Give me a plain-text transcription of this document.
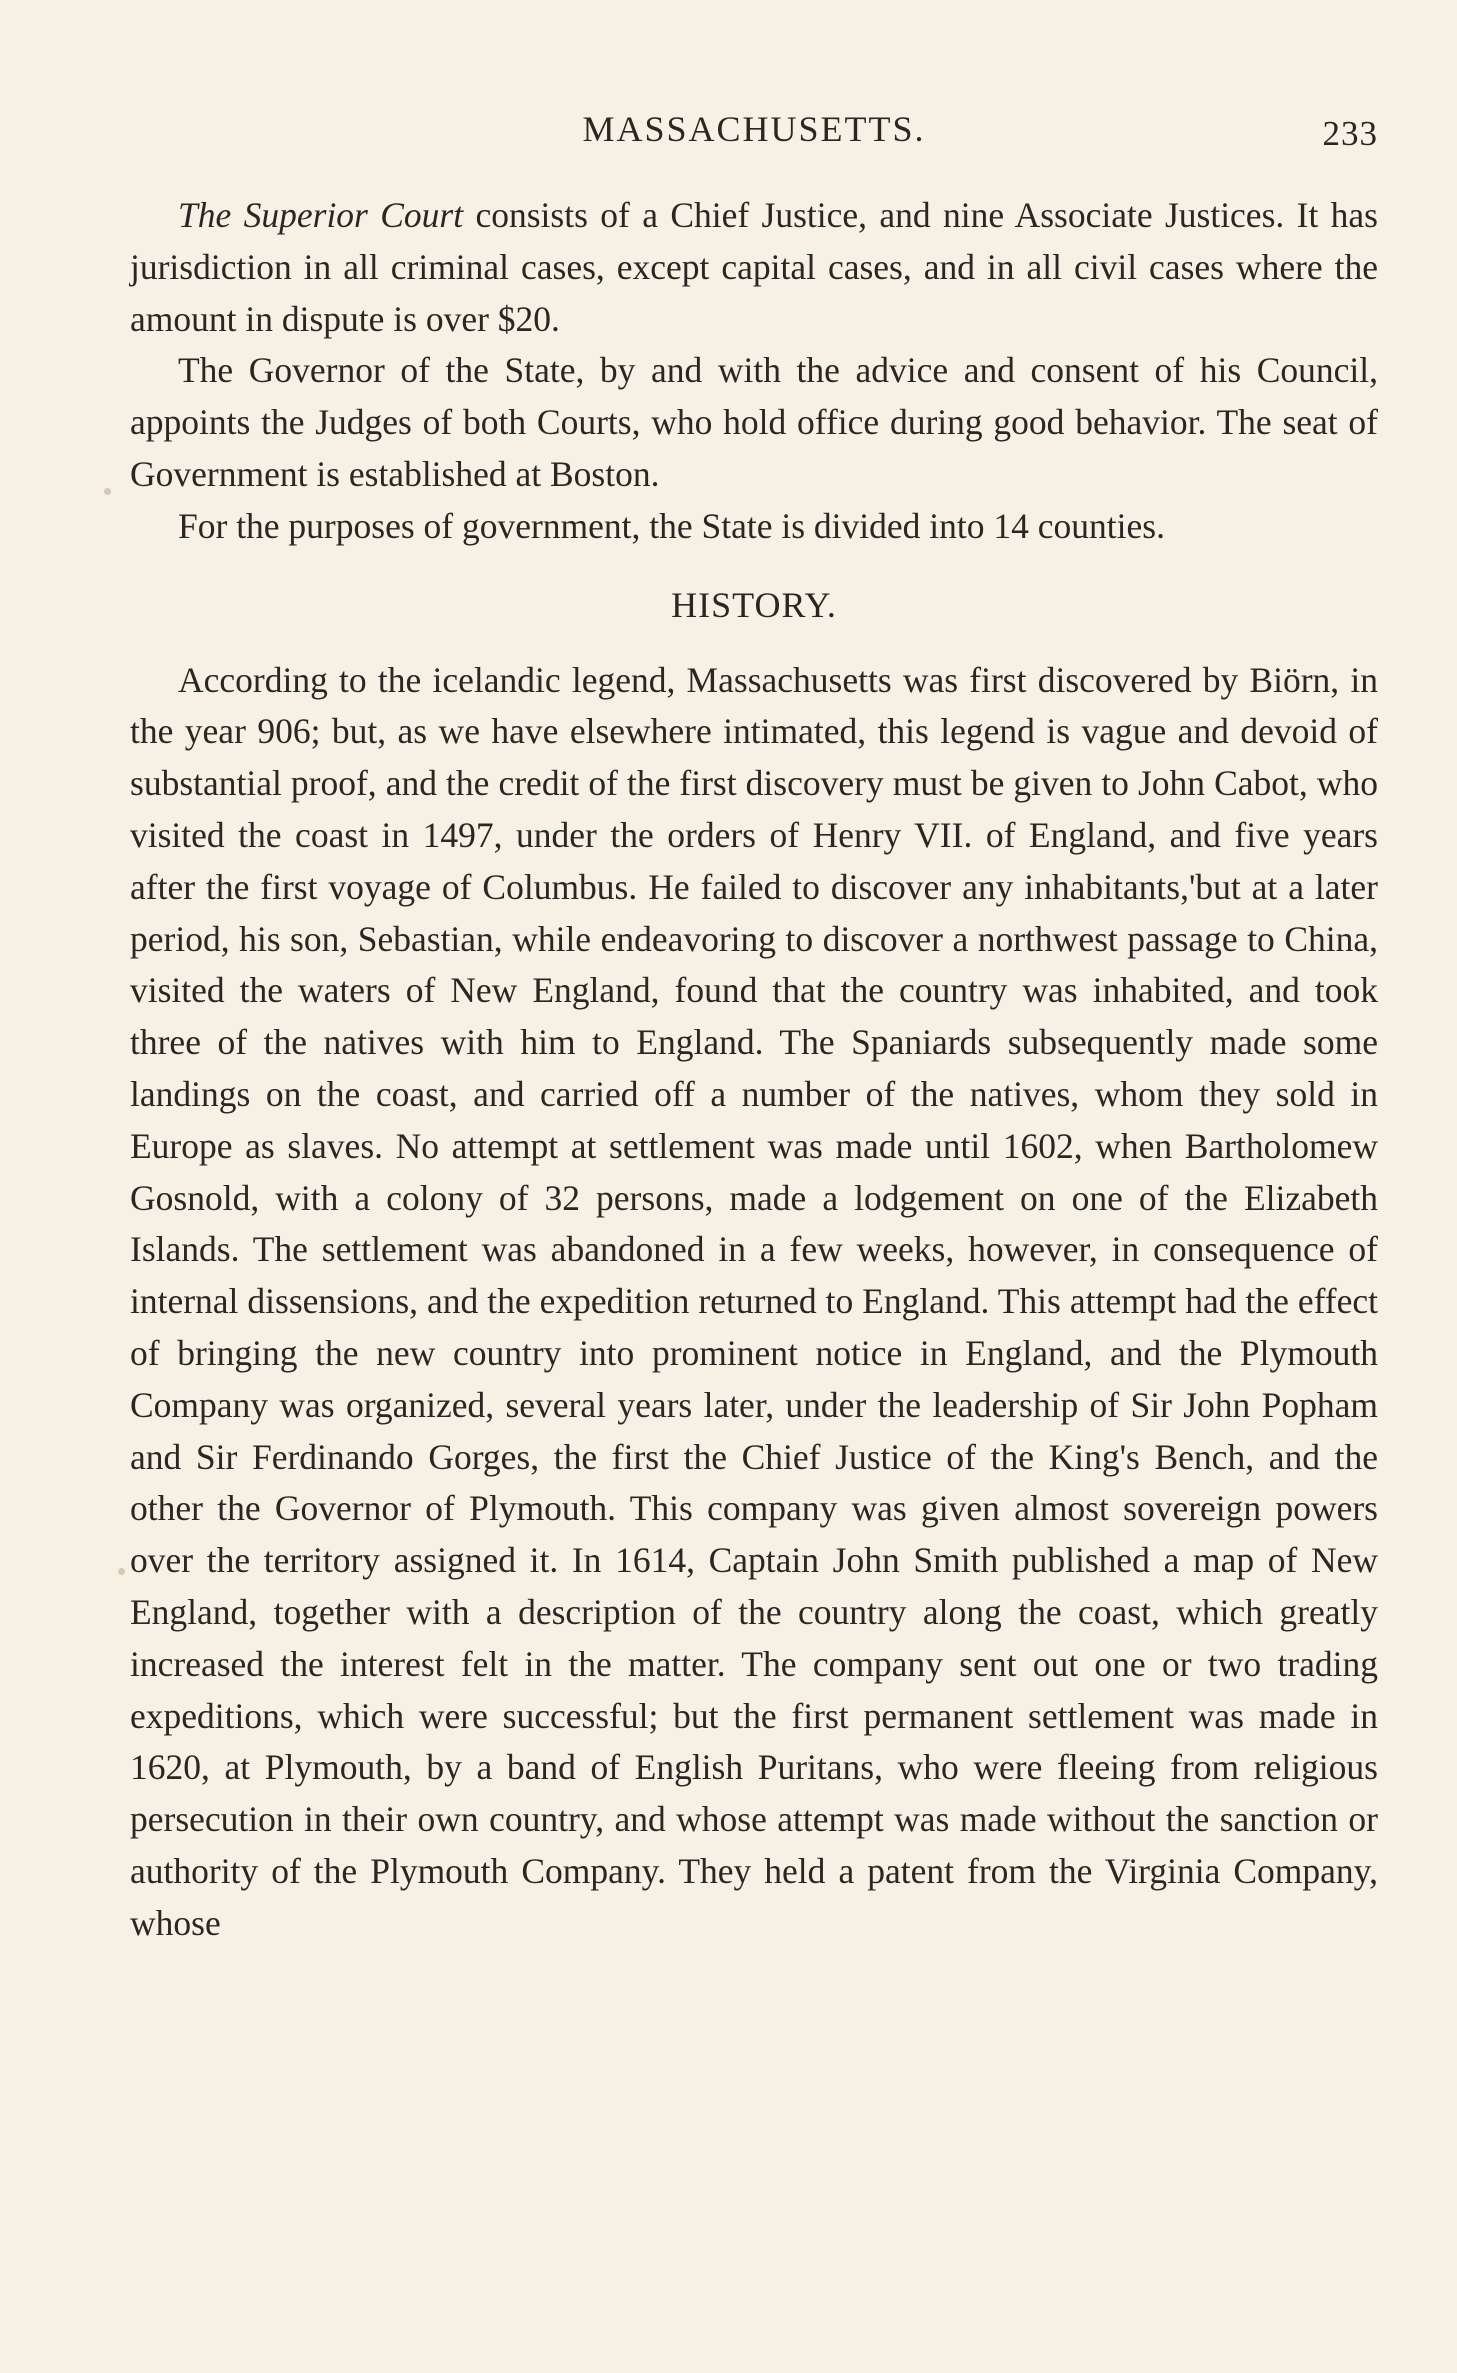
MASSACHUSETTS.	233

The Superior Court consists of a Chief Justice, and nine Associate Justices. It has jurisdiction in all criminal cases, except capital cases, and in all civil cases where the amount in dispute is over $20.

The Governor of the State, by and with the advice and consent of his Council, appoints the Judges of both Courts, who hold office during good behavior. The seat of Government is established at Boston.

For the purposes of government, the State is divided into 14 counties.

HISTORY.

According to the icelandic legend, Massachusetts was first discovered by Biörn, in the year 906; but, as we have elsewhere intimated, this legend is vague and devoid of substantial proof, and the credit of the first discovery must be given to John Cabot, who visited the coast in 1497, under the orders of Henry VII. of England, and five years after the first voyage of Columbus. He failed to discover any inhabitants,'but at a later period, his son, Sebastian, while endeavoring to discover a northwest passage to China, visited the waters of New England, found that the country was inhabited, and took three of the natives with him to England. The Spaniards subsequently made some landings on the coast, and carried off a number of the natives, whom they sold in Europe as slaves. No attempt at settlement was made until 1602, when Bartholomew Gosnold, with a colony of 32 persons, made a lodgement on one of the Elizabeth Islands. The settlement was abandoned in a few weeks, however, in consequence of internal dissensions, and the expedition returned to England. This attempt had the effect of bringing the new country into prominent notice in England, and the Plymouth Company was organized, several years later, under the leadership of Sir John Popham and Sir Ferdinando Gorges, the first the Chief Justice of the King's Bench, and the other the Governor of Plymouth. This company was given almost sovereign powers over the territory assigned it. In 1614, Captain John Smith published a map of New England, together with a description of the country along the coast, which greatly increased the interest felt in the matter. The company sent out one or two trading expeditions, which were successful; but the first permanent settlement was made in 1620, at Plymouth, by a band of English Puritans, who were fleeing from religious persecution in their own country, and whose attempt was made without the sanction or authority of the Plymouth Company. They held a patent from the Virginia Company, whose
